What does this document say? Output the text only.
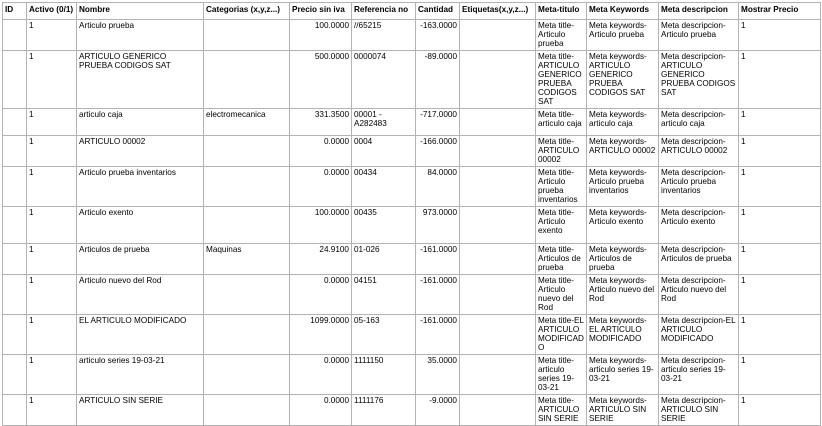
ID	Activo (0/1)	Nombre	Categorias (x,y,z...)	Precio sin iva	Referencia no	Cantidad	Etiquetas(x,y,z...)	Meta-titulo	Meta Keywords	Meta descripcion	Mostrar Precio
	1	Articulo prueba		100.0000	//65215	-163.0000		Meta title-Articulo prueba	Meta keywords-Articulo prueba	Meta descripcion-Articulo prueba	1
	1	ARTICULO GENERICO PRUEBA CODIGOS SAT		500.0000	0000074	-89.0000		Meta title-ARTICULO GENERICO PRUEBA CODIGOS SAT	Meta keywords-ARTICULO GENERICO PRUEBA CODIGOS SAT	Meta descripcion-ARTICULO GENERICO PRUEBA CODIGOS SAT	1
	1	articulo caja	electromecanica	331.3500	00001 - A282483	-717.0000		Meta title-articulo caja	Meta keywords-articulo caja	Meta descripcion-articulo caja	1
	1	ARTICULO 00002		0.0000	0004	-166.0000		Meta title-ARTICULO 00002	Meta keywords-ARTICULO 00002	Meta descripcion-ARTICULO 00002	1
	1	Articulo prueba inventarios		0.0000	00434	84.0000		Meta title-Articulo prueba inventarios	Meta keywords-Articulo prueba inventarios	Meta descripcion-Articulo prueba inventarios	1
	1	Articulo exento		100.0000	00435	973.0000		Meta title-Articulo exento	Meta keywords-Articulo exento	Meta descripcion-Articulo exento	1
	1	Articulos de prueba	Maquinas	24.9100	01-026	-161.0000		Meta title-Articulos de prueba	Meta keywords-Articulos de prueba	Meta descripcion-Articulos de prueba	1
	1	Articulo nuevo del Rod		0.0000	04151	-161.0000		Meta title-Articulo nuevo del Rod	Meta keywords-Articulo nuevo del Rod	Meta descripcion-Articulo nuevo del Rod	1
	1	EL ARTICULO MODIFICADO		1099.0000	05-163	-161.0000		Meta title-EL ARTICULO MODIFICADO	Meta keywords-EL ARTICULO MODIFICADO	Meta descripcion-EL ARTICULO MODIFICADO	1
	1	articulo series 19-03-21		0.0000	1111150	35.0000		Meta title-articulo series 19-03-21	Meta keywords-articulo series 19-03-21	Meta descripcion-articulo series 19-03-21	1
	1	ARTICULO SIN SERIE		0.0000	1111176	-9.0000		Meta title-ARTICULO SIN SERIE	Meta keywords-ARTICULO SIN SERIE	Meta descripcion-ARTICULO SIN SERIE	1
